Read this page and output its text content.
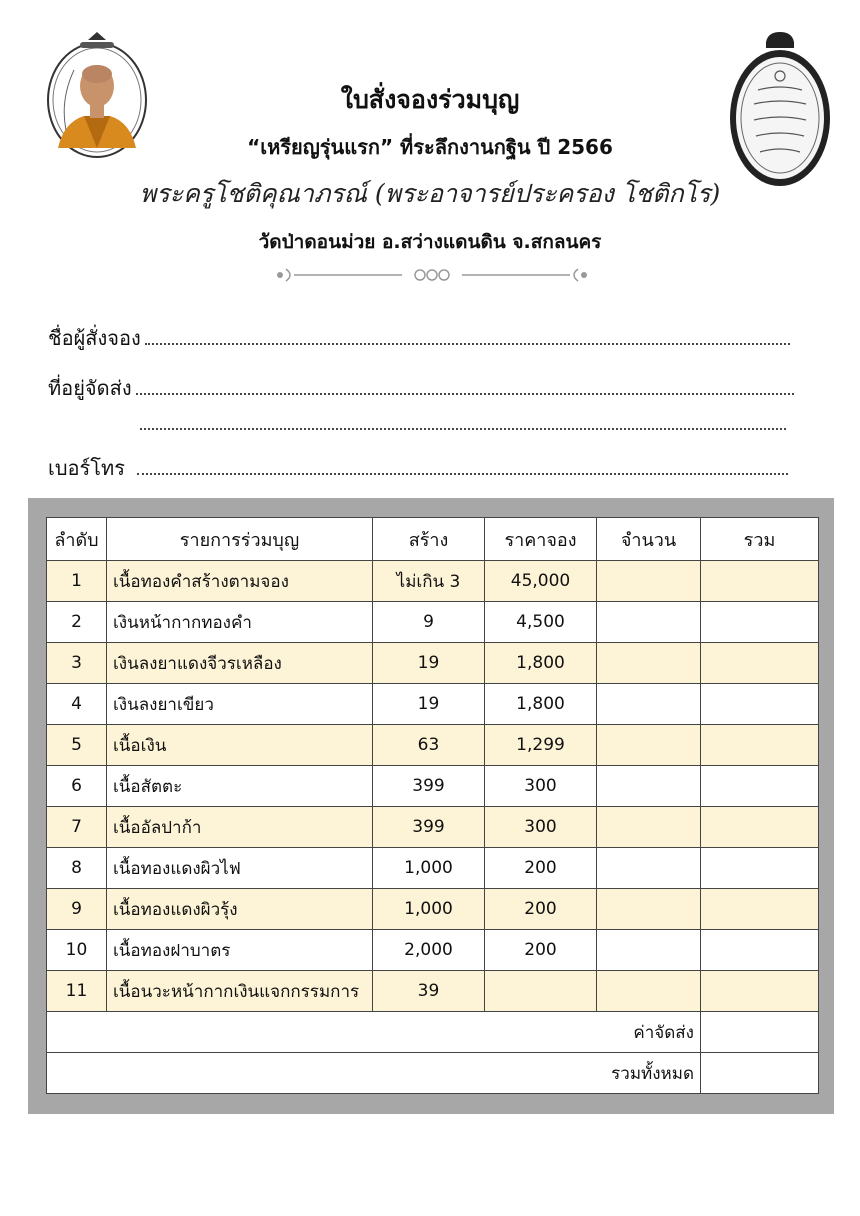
ใบสั่งจองร่วมบุญ
“เหรียญรุ่นแรก” ที่ระลึกงานกฐิน ปี 2566
พระครูโชติคุณาภรณ์ (พระอาจารย์ประครอง โชติกโร)
วัดป่าดอนม่วย อ.สว่างแดนดิน จ.สกลนคร
ชื่อผู้สั่งจอง
ที่อยู่จัดส่ง
เบอร์โทร
ลำดับ	รายการร่วมบุญ	สร้าง	ราคาจอง	จำนวน	รวม
1	เนื้อทองคำสร้างตามจอง	ไม่เกิน 3	45,000		
2	เงินหน้ากากทองคำ	9	4,500		
3	เงินลงยาแดงจีวรเหลือง	19	1,800		
4	เงินลงยาเขียว	19	1,800		
5	เนื้อเงิน	63	1,299		
6	เนื้อสัตตะ	399	300		
7	เนื้ออัลปาก้า	399	300		
8	เนื้อทองแดงผิวไฟ	1,000	200		
9	เนื้อทองแดงผิวรุ้ง	1,000	200		
10	เนื้อทองฝาบาตร	2,000	200		
11	เนื้อนวะหน้ากากเงินแจกกรรมการ	39			
ค่าจัดส่ง					
รวมทั้งหมด					
